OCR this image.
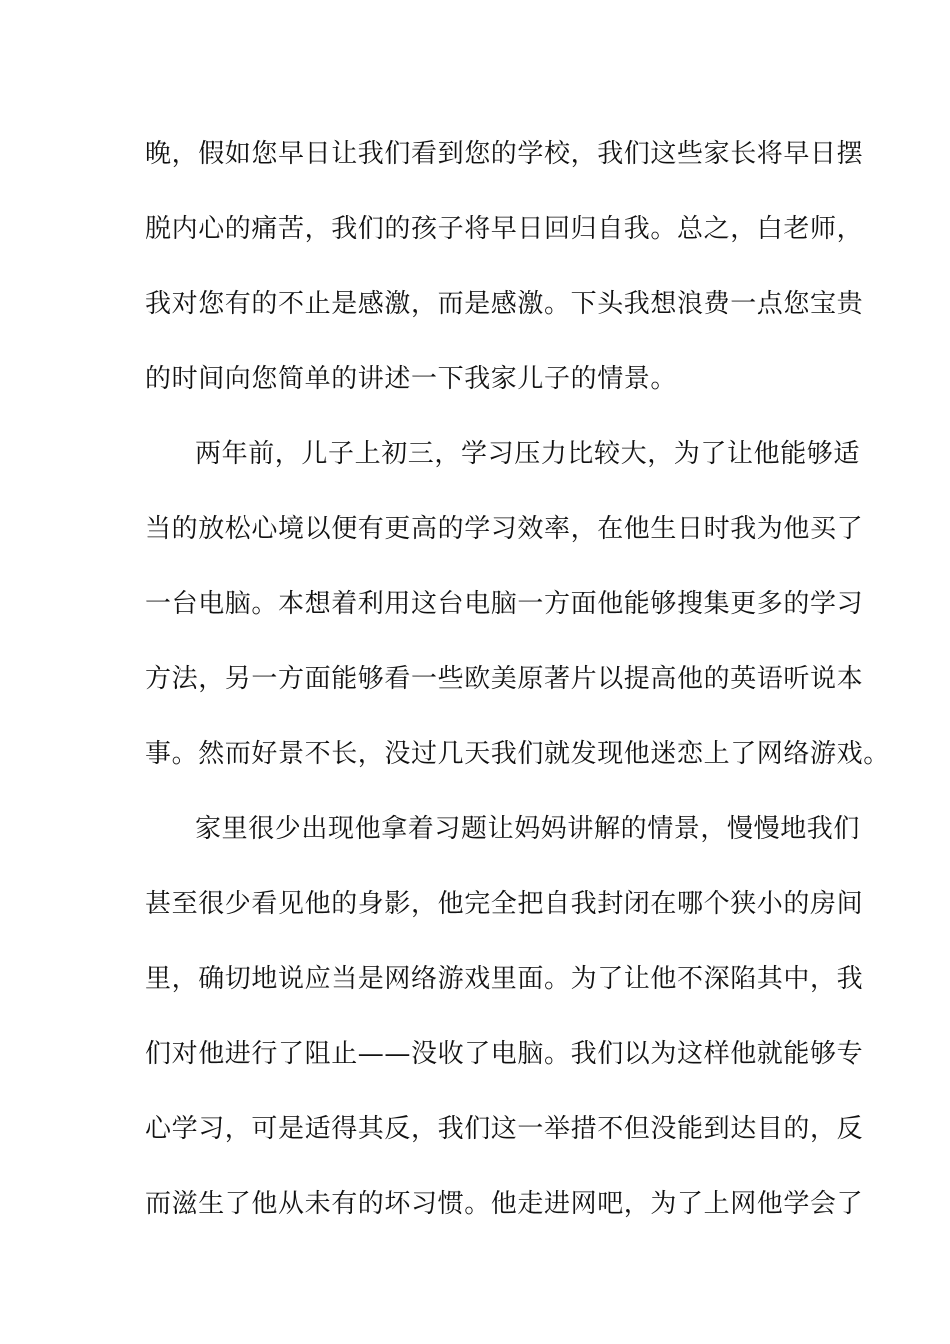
晚，假如您早日让我们看到您的学校，我们这些家长将早日摆
脱内心的痛苦，我们的孩子将早日回归自我。总之，白老师，
我对您有的不止是感激，而是感激。下头我想浪费一点您宝贵
的时间向您简单的讲述一下我家儿子的情景。
两年前，儿子上初三，学习压力比较大，为了让他能够适
当的放松心境以便有更高的学习效率，在他生日时我为他买了
一台电脑。本想着利用这台电脑一方面他能够搜集更多的学习
方法，另一方面能够看一些欧美原著片以提高他的英语听说本
事。然而好景不长，没过几天我们就发现他迷恋上了网络游戏。
家里很少出现他拿着习题让妈妈讲解的情景，慢慢地我们
甚至很少看见他的身影，他完全把自我封闭在哪个狭小的房间
里，确切地说应当是网络游戏里面。为了让他不深陷其中，我
们对他进行了阻止——没收了电脑。我们以为这样他就能够专
心学习，可是适得其反，我们这一举措不但没能到达目的，反
而滋生了他从未有的坏习惯。他走进网吧，为了上网他学会了
